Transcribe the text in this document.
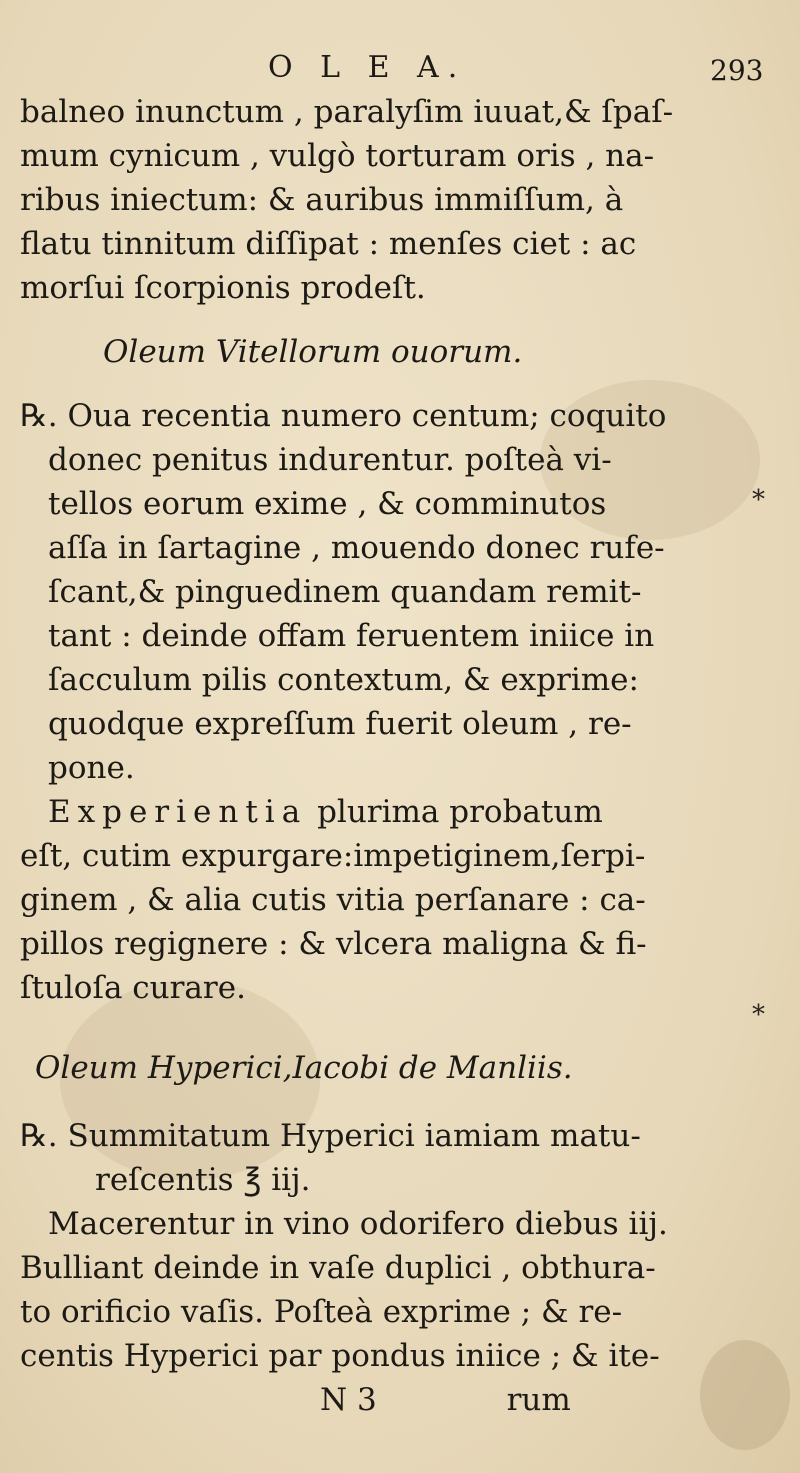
O L E A.	293
balneo inunctum , paralyſim iuuat,& ſpaſ-
mum cynicum , vulgò torturam oris , na-
ribus iniectum: & auribus immiſſum, à
flatu tinnitum diſſipat : menſes ciet : ac
morſui ſcorpionis prodeſt.
Oleum Vitellorum ouorum.
℞. Oua recentia numero centum; coquito
donec penitus indurentur. poſteà vi-
tellos eorum exime , & comminutos
aſſa in ſartagine , mouendo donec rufe-
ſcant,& pinguedinem quandam remit-
tant : deinde offam feruentem iniice in
ſacculum pilis contextum, & exprime:
quodque expreſſum fuerit oleum , re-
pone.
Experientia plurima probatum
eſt, cutim expurgare:impetiginem,ſerpi-
ginem , & alia cutis vitia perſanare : ca-
pillos regignere : & vlcera maligna & fi-
ſtuloſa curare.
Oleum Hyperici,Iacobi de Manliis.
℞. Summitatum Hyperici iamiam matu-
reſcentis ℥ iij.
Macerentur in vino odorifero diebus iij.
Bulliant deinde in vaſe duplici , obthura-
to orificio vaſis. Poſteà exprime ; & re-
centis Hyperici par pondus iniice ; & ite-
N 3	rum
*
*
